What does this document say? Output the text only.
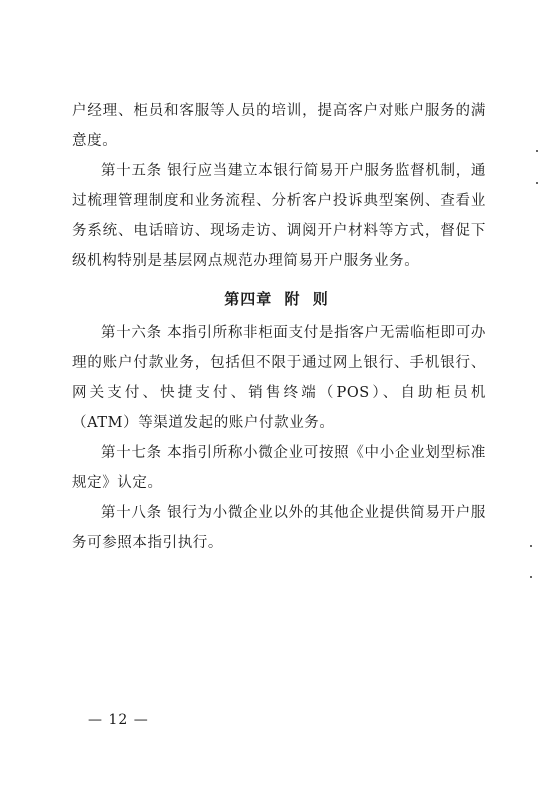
户经理、柜员和客服等人员的培训，提高客户对账户服务的满意度。

第十五条 银行应当建立本银行简易开户服务监督机制，通过梳理管理制度和业务流程、分析客户投诉典型案例、查看业务系统、电话暗访、现场走访、调阅开户材料等方式，督促下级机构特别是基层网点规范办理简易开户服务业务。

第四章 附 则

第十六条 本指引所称非柜面支付是指客户无需临柜即可办理的账户付款业务，包括但不限于通过网上银行、手机银行、网关支付、快捷支付、销售终端（POS）、自助柜员机（ATM）等渠道发起的账户付款业务。

第十七条 本指引所称小微企业可按照《中小企业划型标准规定》认定。

第十八条 银行为小微企业以外的其他企业提供简易开户服务可参照本指引执行。

— 12 —
